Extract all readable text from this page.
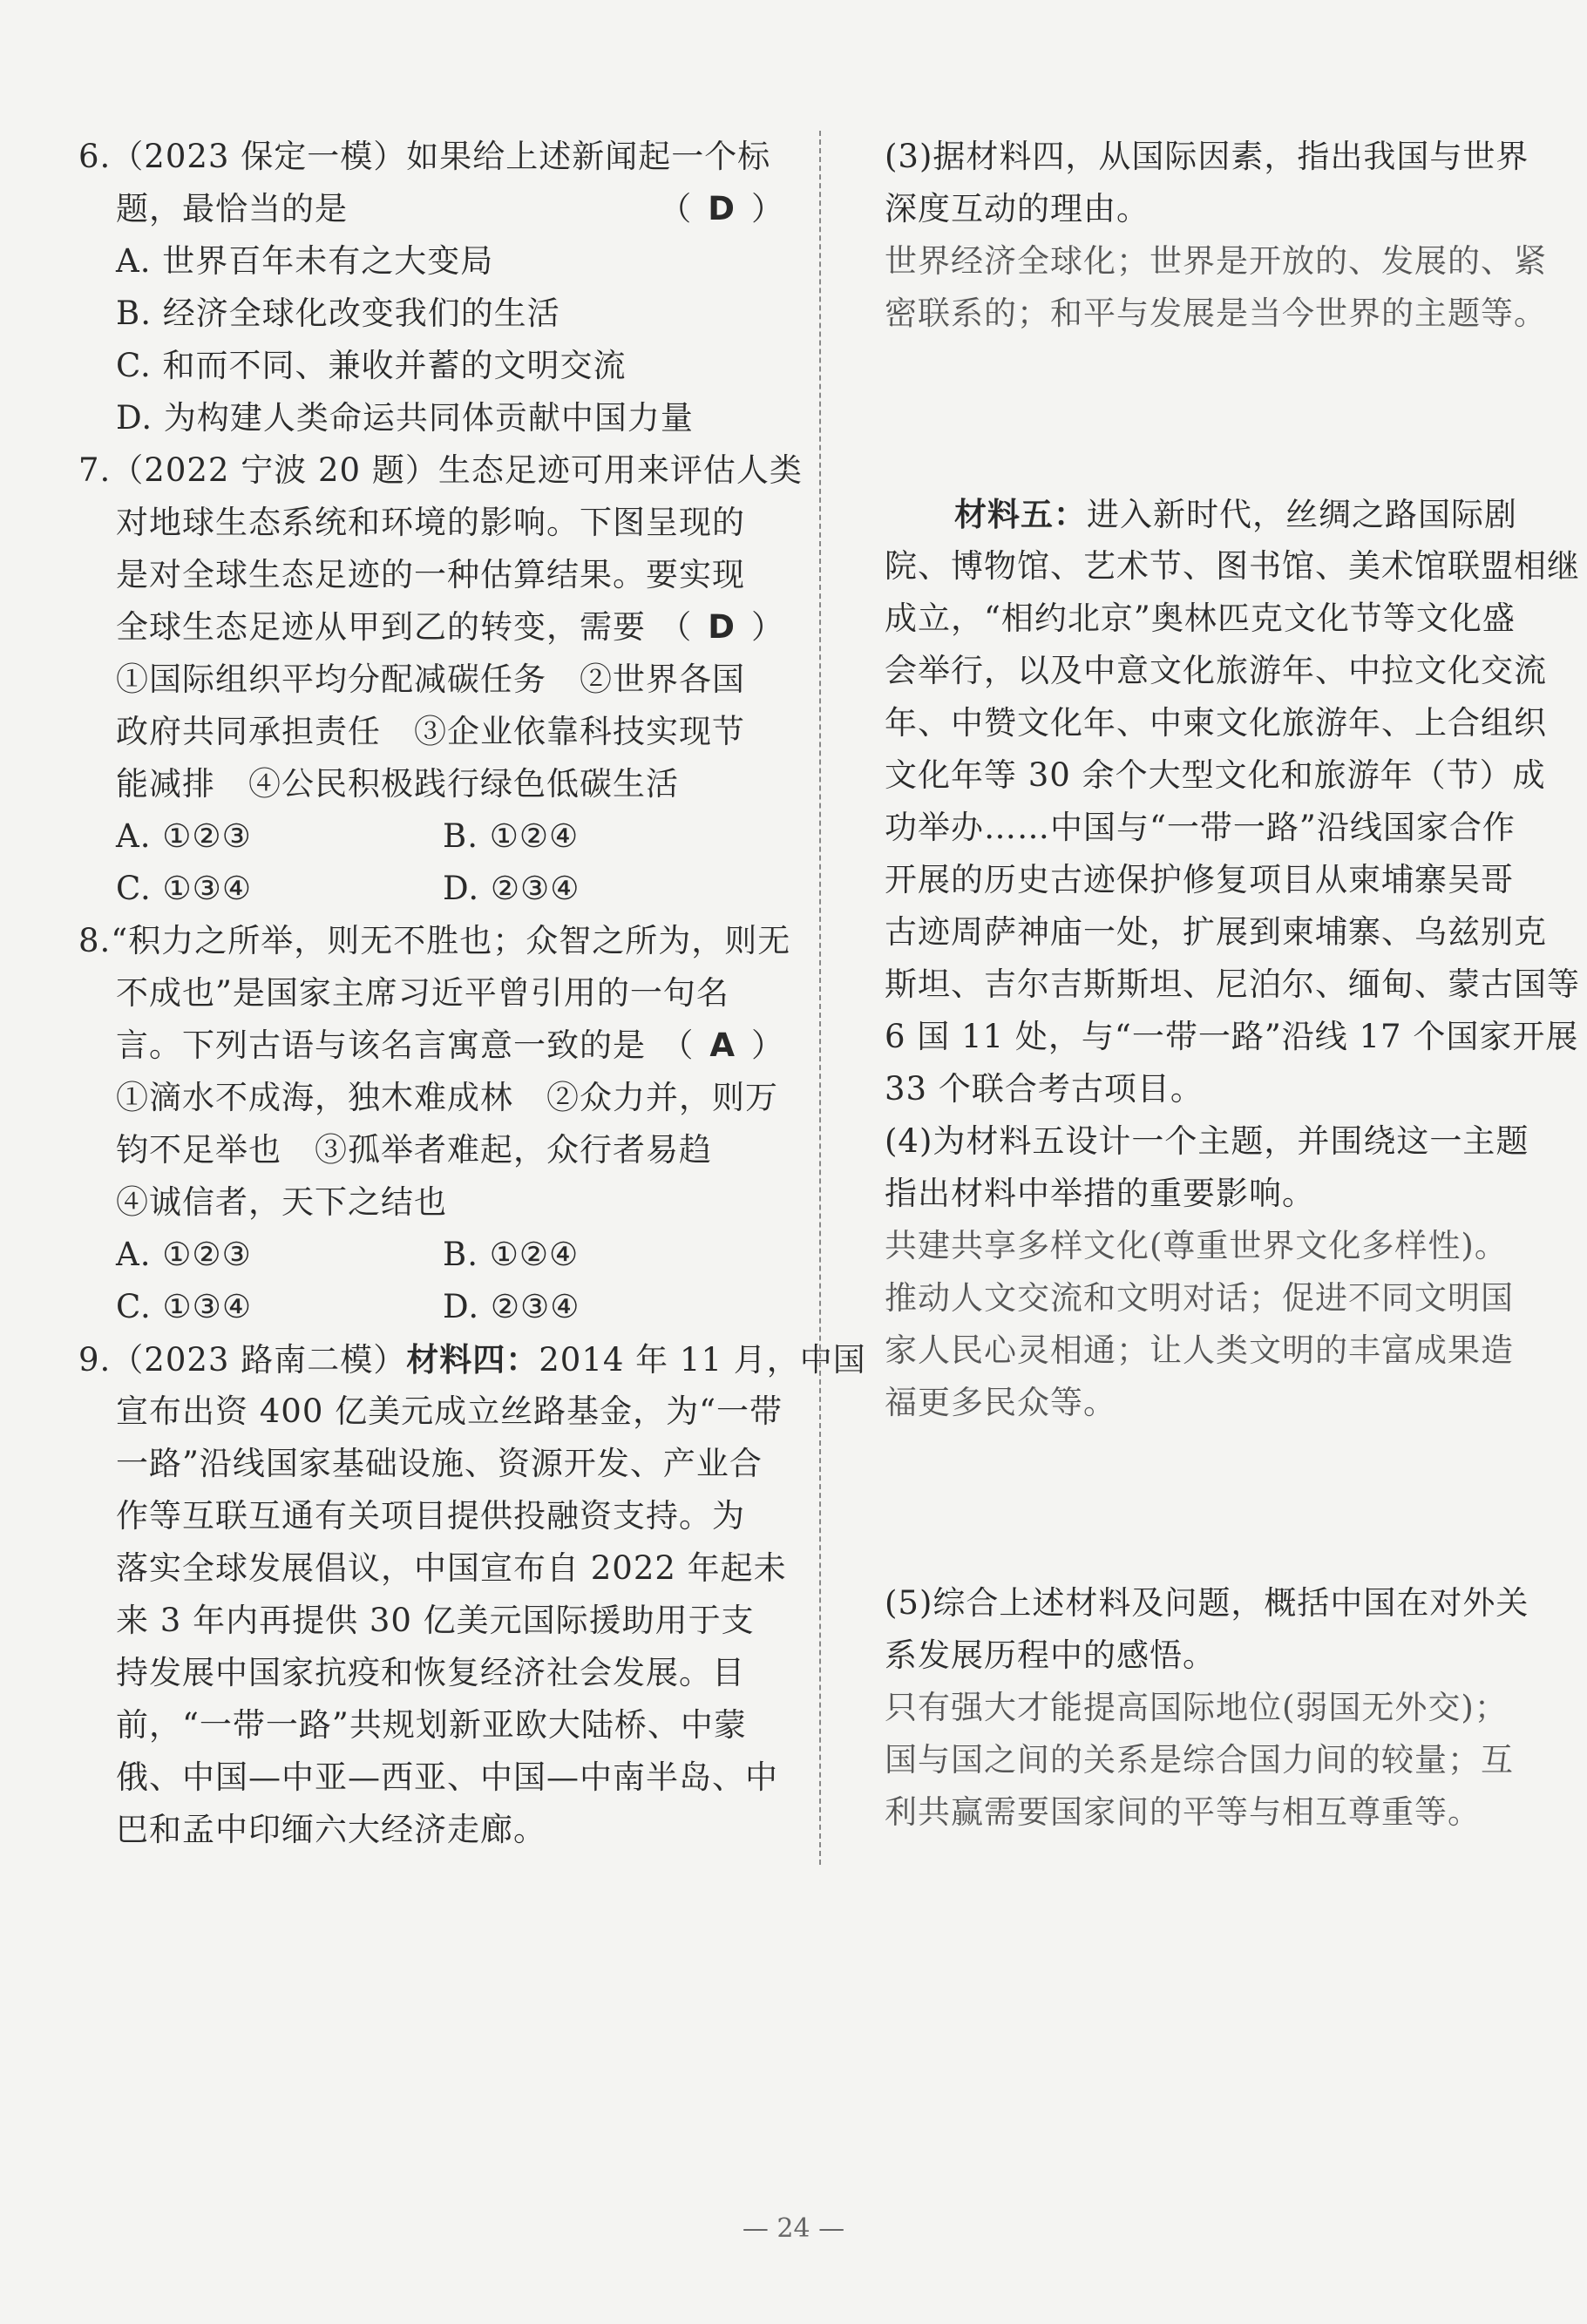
6.（2023 保定一模）如果给上述新闻起一个标
题，最恰当的是	（ D ）
A. 世界百年未有之大变局
B. 经济全球化改变我们的生活
C. 和而不同、兼收并蓄的文明交流
D. 为构建人类命运共同体贡献中国力量
7.（2022 宁波 20 题）生态足迹可用来评估人类
对地球生态系统和环境的影响。下图呈现的
是对全球生态足迹的一种估算结果。要实现
全球生态足迹从甲到乙的转变，需要 （ D ）
①国际组织平均分配减碳任务　②世界各国
政府共同承担责任　③企业依靠科技实现节
能减排　④公民积极践行绿色低碳生活
A. ①②③	B. ①②④
C. ①③④	D. ②③④
8.“积力之所举，则无不胜也；众智之所为，则无
不成也”是国家主席习近平曾引用的一句名
言。下列古语与该名言寓意一致的是 （ A ）
①滴水不成海，独木难成林　②众力并，则万
钧不足举也　③孤举者难起，众行者易趋
④诚信者，天下之结也
A. ①②③	B. ①②④
C. ①③④	D. ②③④
9.（2023 路南二模）材料四：2014 年 11 月，中国
宣布出资 400 亿美元成立丝路基金，为“一带
一路”沿线国家基础设施、资源开发、产业合
作等互联互通有关项目提供投融资支持。为
落实全球发展倡议，中国宣布自 2022 年起未
来 3 年内再提供 30 亿美元国际援助用于支
持发展中国家抗疫和恢复经济社会发展。目
前，“一带一路”共规划新亚欧大陆桥、中蒙
俄、中国—中亚—西亚、中国—中南半岛、中
巴和孟中印缅六大经济走廊。
(3)据材料四，从国际因素，指出我国与世界
深度互动的理由。
世界经济全球化；世界是开放的、发展的、紧
密联系的；和平与发展是当今世界的主题等。
材料五：进入新时代，丝绸之路国际剧
院、博物馆、艺术节、图书馆、美术馆联盟相继
成立，“相约北京”奥林匹克文化节等文化盛
会举行，以及中意文化旅游年、中拉文化交流
年、中赞文化年、中柬文化旅游年、上合组织
文化年等 30 余个大型文化和旅游年（节）成
功举办……中国与“一带一路”沿线国家合作
开展的历史古迹保护修复项目从柬埔寨吴哥
古迹周萨神庙一处，扩展到柬埔寨、乌兹别克
斯坦、吉尔吉斯斯坦、尼泊尔、缅甸、蒙古国等
6 国 11 处，与“一带一路”沿线 17 个国家开展
33 个联合考古项目。
(4)为材料五设计一个主题，并围绕这一主题
指出材料中举措的重要影响。
共建共享多样文化(尊重世界文化多样性)。
推动人文交流和文明对话；促进不同文明国
家人民心灵相通；让人类文明的丰富成果造
福更多民众等。
(5)综合上述材料及问题，概括中国在对外关
系发展历程中的感悟。
只有强大才能提高国际地位(弱国无外交)；
国与国之间的关系是综合国力间的较量；互
利共赢需要国家间的平等与相互尊重等。
— 24 —
